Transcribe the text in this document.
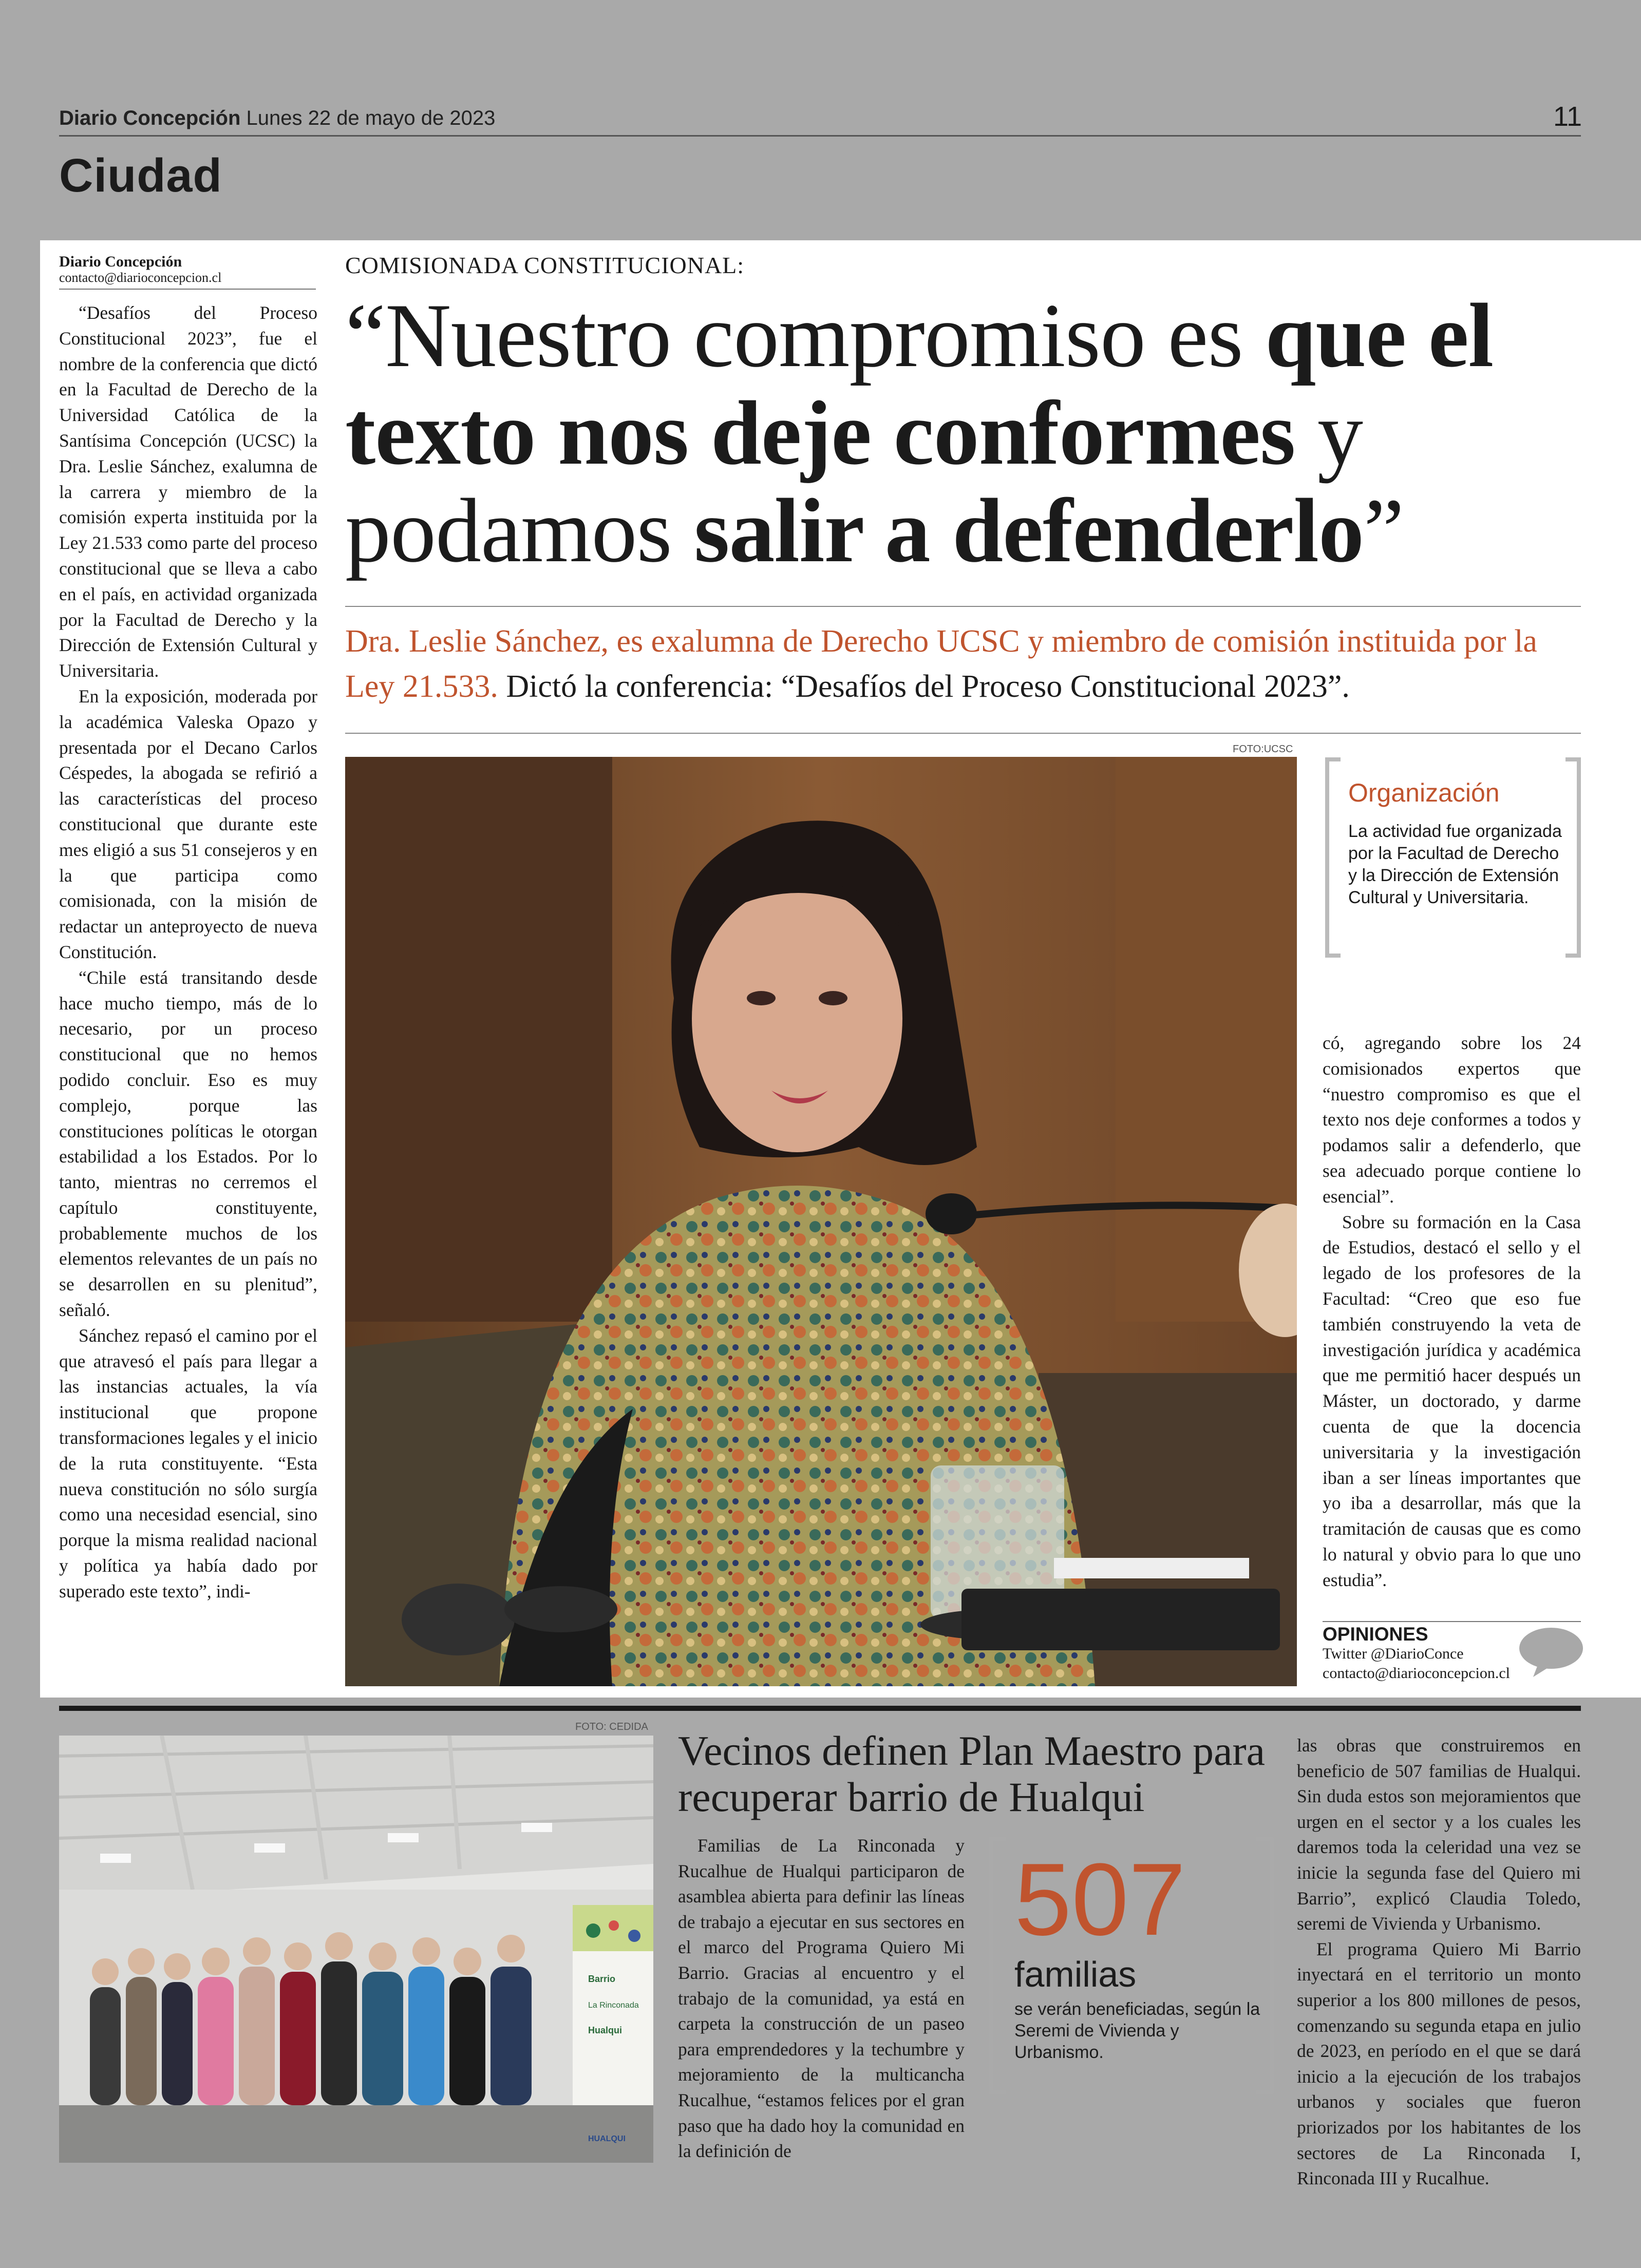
Diario Concepción Lunes 22 de mayo de 2023	11
Ciudad
Diario Concepción
contacto@diarioconcepcion.cl

“Desafíos del Proceso Constitucional 2023”, fue el nombre de la conferencia que dictó en la Facultad de Derecho de la Universidad Católica de la Santísima Concepción (UCSC) la Dra. Leslie Sánchez, exalumna de la carrera y miembro de la comisión experta instituida por la Ley 21.533 como parte del proceso constitucional que se lleva a cabo en el país, en actividad organizada por la Facultad de Derecho y la Dirección de Extensión Cultural y Universitaria.

En la exposición, moderada por la académica Valeska Opazo y presentada por el Decano Carlos Céspedes, la abogada se refirió a las características del proceso constitucional que durante este mes eligió a sus 51 consejeros y en la que participa como comisionada, con la misión de redactar un anteproyecto de nueva Constitución.

“Chile está transitando desde hace mucho tiempo, más de lo necesario, por un proceso constitucional que no hemos podido concluir. Eso es muy complejo, porque las constituciones políticas le otorgan estabilidad a los Estados. Por lo tanto, mientras no cerremos el capítulo constituyente, probablemente muchos de los elementos relevantes de un país no se desarrollen en su plenitud”, señaló.

Sánchez repasó el camino por el que atravesó el país para llegar a las instancias actuales, la vía institucional que propone transformaciones legales y el inicio de la ruta constituyente. “Esta nueva constitución no sólo surgía como una necesidad esencial, sino porque la misma realidad nacional y política ya había dado por superado este texto”, indi-

COMISIONADA CONSTITUCIONAL:
“Nuestro compromiso es que el texto nos deje conformes y podamos salir a defenderlo”
Dra. Leslie Sánchez, es exalumna de Derecho UCSC y miembro de comisión instituida por la Ley 21.533. Dictó la conferencia: “Desafíos del Proceso Constitucional 2023”.
FOTO:UCSC
Organización
La actividad fue organizada por la Facultad de Derecho y la Dirección de Extensión Cultural y Universitaria.

có, agregando sobre los 24 comisionados expertos que “nuestro compromiso es que el texto nos deje conformes a todos y podamos salir a defenderlo, que sea adecuado porque contiene lo esencial”.

Sobre su formación en la Casa de Estudios, destacó el sello y el legado de los profesores de la Facultad: “Creo que eso fue también construyendo la veta de investigación jurídica y académica que me permitió hacer después un Máster, un doctorado, y darme cuenta de que la docencia universitaria y la investigación iban a ser líneas importantes que yo iba a desarrollar, más que la tramitación de causas que es como lo natural y obvio para lo que uno estudia”.

OPINIONES
Twitter @DiarioConce
contacto@diarioconcepcion.cl
FOTO: CEDIDA
Barrio
La Rinconada
Hualqui
HUALQUI
Vecinos definen Plan Maestro para recuperar barrio de Hualqui

Familias de La Rinconada y Rucalhue de Hualqui participaron de asamblea abierta para definir las líneas de trabajo a ejecutar en sus sectores en el marco del Programa Quiero Mi Barrio. Gracias al encuentro y el trabajo de la comunidad, ya está en carpeta la construcción de un paseo para emprendedores y la techumbre y mejoramiento de la multicancha Rucalhue, “estamos felices por el gran paso que ha dado hoy la comunidad en la definición de

507
familias
se verán beneficiadas, según la Seremi de Vivienda y Urbanismo.

las obras que construiremos en beneficio de 507 familias de Hualqui. Sin duda estos son mejoramientos que urgen en el sector y a los cuales les daremos toda la celeridad una vez se inicie la segunda fase del Quiero mi Barrio”, explicó Claudia Toledo, seremi de Vivienda y Urbanismo.

El programa Quiero Mi Barrio inyectará en el territorio un monto superior a los 800 millones de pesos, comenzando su segunda etapa en julio de 2023, en período en el que se dará inicio a la ejecución de los trabajos urbanos y sociales que fueron priorizados por los habitantes de los sectores de La Rinconada I, Rinconada III y Rucalhue.
